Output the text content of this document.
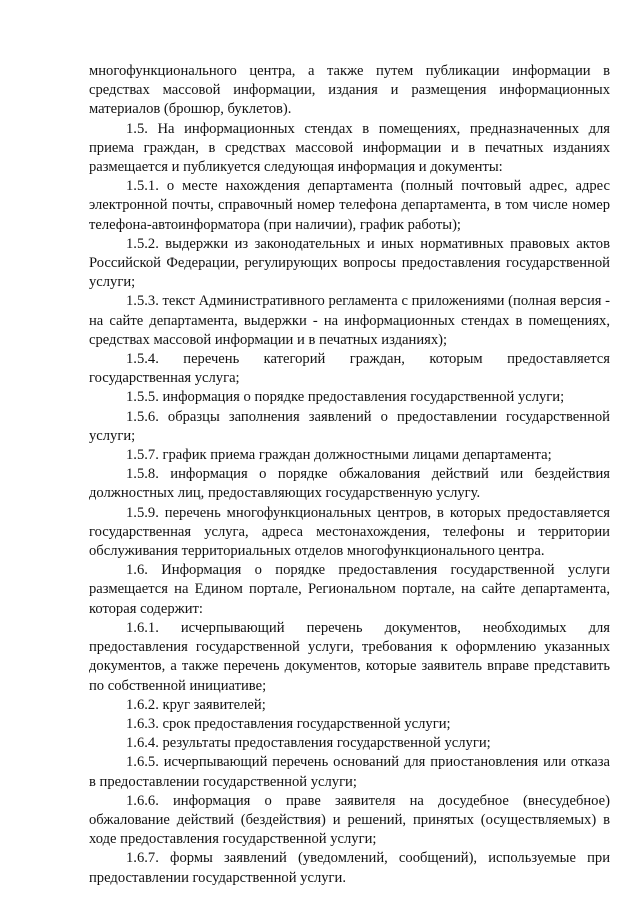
многофункционального центра, а также путем публикации информации в средствах массовой информации, издания и размещения информационных материалов (брошюр, буклетов).

1.5. На информационных стендах в помещениях, предназначенных для приема граждан, в средствах массовой информации и в печатных изданиях размещается и публикуется следующая информация и документы:

1.5.1. о месте нахождения департамента (полный почтовый адрес, адрес электронной почты, справочный номер телефона департамента, в том числе номер телефона-автоинформатора (при наличии), график работы);

1.5.2. выдержки из законодательных и иных нормативных правовых актов Российской Федерации, регулирующих вопросы предоставления государственной услуги;

1.5.3. текст Административного регламента с приложениями (полная версия - на сайте департамента, выдержки - на информационных стендах в помещениях, средствах массовой информации и в печатных изданиях);

1.5.4. перечень категорий граждан, которым предоставляется государственная услуга;

1.5.5. информация о порядке предоставления государственной услуги;

1.5.6. образцы заполнения заявлений о предоставлении государственной услуги;

1.5.7. график приема граждан должностными лицами департамента;

1.5.8. информация о порядке обжалования действий или бездействия должностных лиц, предоставляющих государственную услугу.

1.5.9. перечень многофункциональных центров, в которых предоставляется государственная услуга, адреса местонахождения, телефоны и территории обслуживания территориальных отделов многофункционального центра.

1.6. Информация о порядке предоставления государственной услуги размещается на Едином портале, Региональном портале, на сайте департамента, которая содержит:

1.6.1. исчерпывающий перечень документов, необходимых для предоставления государственной услуги, требования к оформлению указанных документов, а также перечень документов, которые заявитель вправе представить по собственной инициативе;

1.6.2. круг заявителей;

1.6.3. срок предоставления государственной услуги;

1.6.4. результаты предоставления государственной услуги;

1.6.5. исчерпывающий перечень оснований для приостановления или отказа в предоставлении государственной услуги;

1.6.6. информация о праве заявителя на досудебное (внесудебное) обжалование действий (бездействия) и решений, принятых (осуществляемых) в ходе предоставления государственной услуги;

1.6.7. формы заявлений (уведомлений, сообщений), используемые при предоставлении государственной услуги.
